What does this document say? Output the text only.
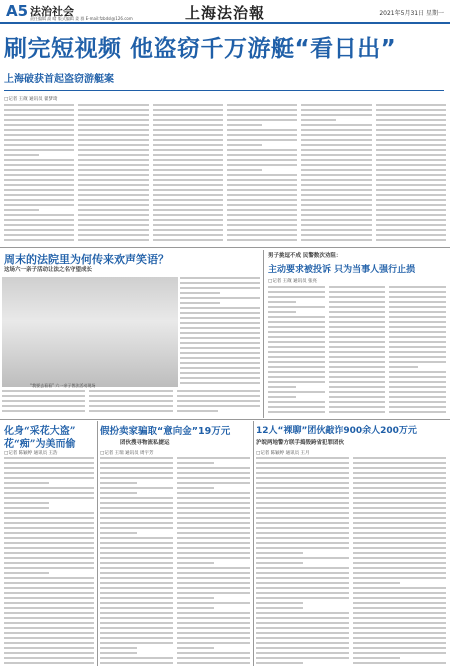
A5 法治社会
责任编辑 高 晴 版式编辑 姜 群 E-mail:fzbdsl@126.com	上海法治報	2021年5月31日 星期一
刷完短视频 他盗窃千万游艇“看日出”
上海破获首起盗窃游艇案
□记者 王葳 通讯员 翟梦琦
周末的法院里为何传来欢声笑语？
这场六一亲子活动让法之名守望成长
“我要去看看” 六一亲子普法活动现场
男子挑逗不成 民警数次劝阻：
主动要求被投诉 只为当事人强行止损
□记者 王葳 通讯员 张亮
化身“采花大盗”
花“痴”为美而偷
□记者 陈颖婷 通讯员 王浩
假扮卖家骗取“意向金”19万元
团伙搜寻物流私捷运
□记者 王瑞 通讯员 周宇芳
12人“裸聊”团伙敲诈900余人200万元
沪皖两地警方联手捣毁跨省犯罪团伙
□记者 陈颖婷 通讯员 王月
